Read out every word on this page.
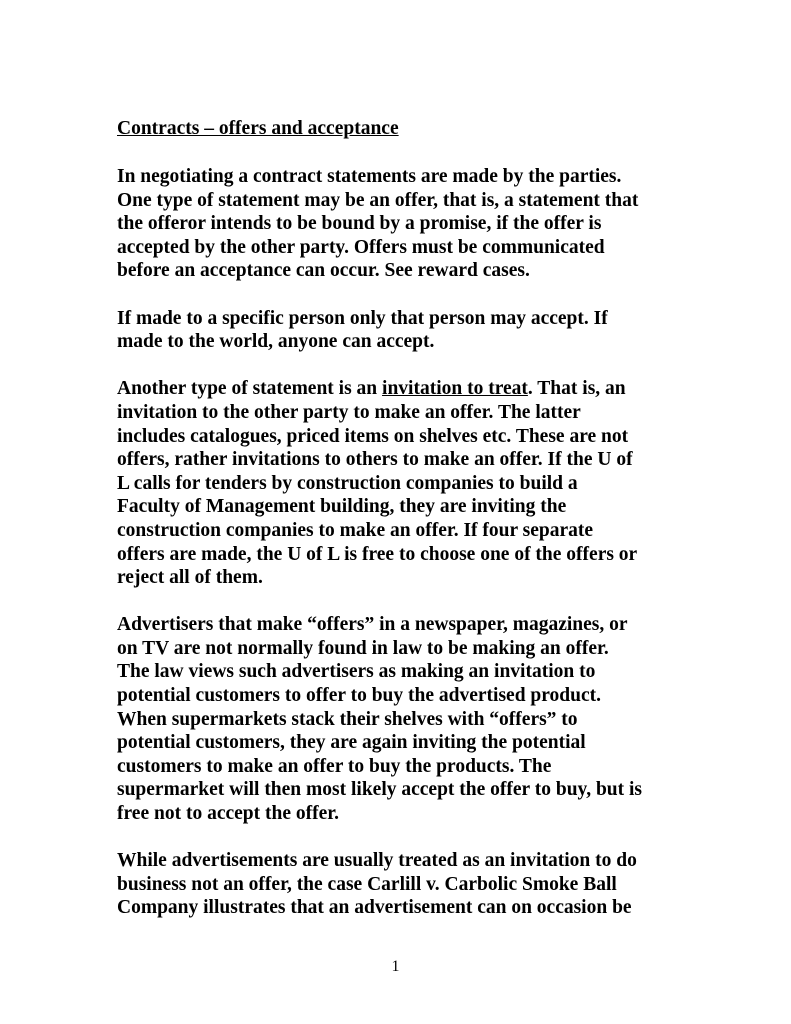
Contracts – offers and acceptance
In negotiating a contract statements are made by the parties.
One type of statement may be an offer, that is, a statement that
the offeror intends to be bound by a promise, if the offer is
accepted by the other party. Offers must be communicated
before an acceptance can occur. See reward cases.
If made to a specific person only that person may accept. If
made to the world, anyone can accept.
Another type of statement is an invitation to treat. That is, an
invitation to the other party to make an offer. The latter
includes catalogues, priced items on shelves etc. These are not
offers, rather invitations to others to make an offer. If the U of
L calls for tenders by construction companies to build a
Faculty of Management building, they are inviting the
construction companies to make an offer. If four separate
offers are made, the U of L is free to choose one of the offers or
reject all of them.
Advertisers that make “offers” in a newspaper, magazines, or
on TV are not normally found in law to be making an offer.
The law views such advertisers as making an invitation to
potential customers to offer to buy the advertised product.
When supermarkets stack their shelves with “offers” to
potential customers, they are again inviting the potential
customers to make an offer to buy the products. The
supermarket will then most likely accept the offer to buy, but is
free not to accept the offer.
While advertisements are usually treated as an invitation to do
business not an offer, the case Carlill v. Carbolic Smoke Ball
Company illustrates that an advertisement can on occasion be
1
